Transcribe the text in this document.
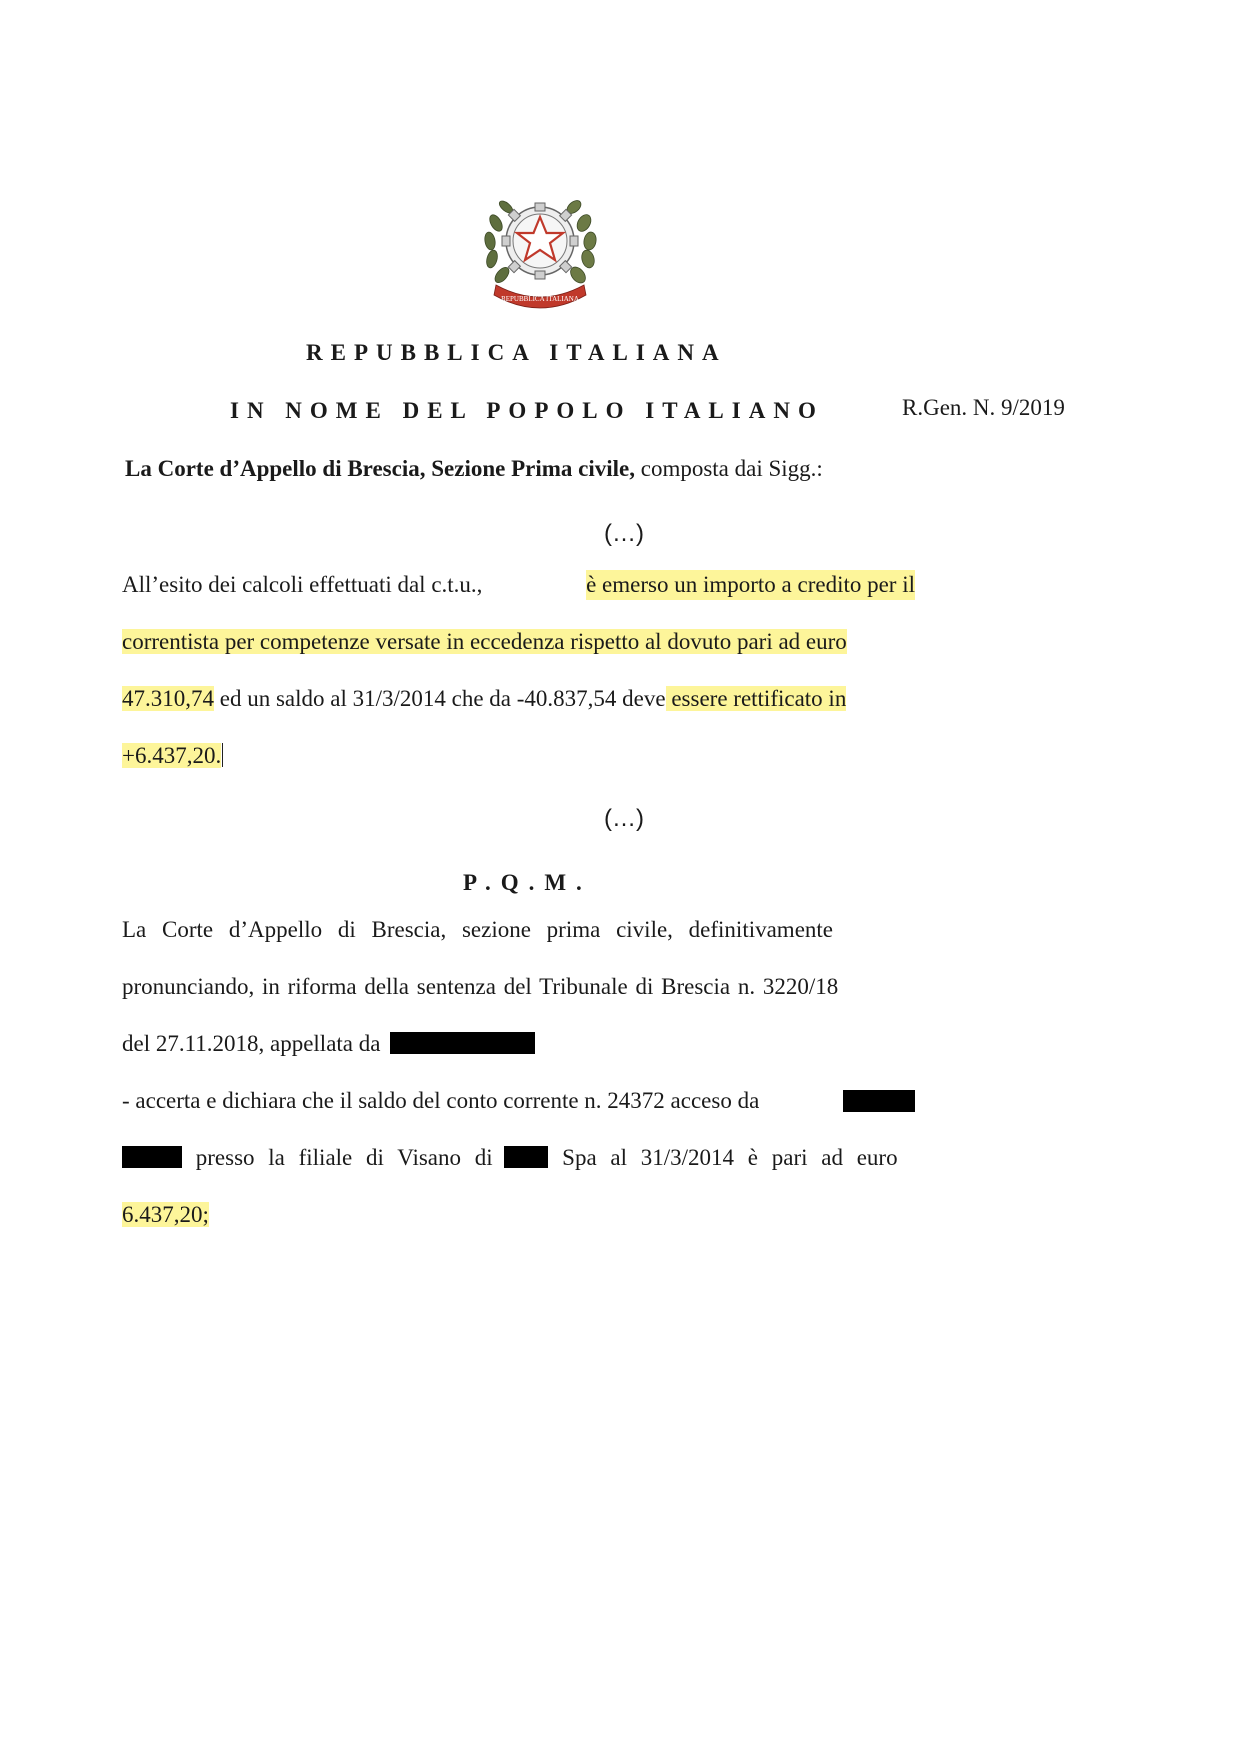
REPUBBLICA ITALIANA
REPUBBLICA ITALIANA
IN NOME DEL POPOLO ITALIANO	R.Gen. N. 9/2019
La Corte d’Appello di Brescia, Sezione Prima civile, composta dai Sigg.:
(…)
All’esito dei calcoli effettuati dal c.t.u.,	è emerso un importo a credito per il
correntista per competenze versate in eccedenza rispetto al dovuto pari ad euro
47.310,74 ed un saldo al 31/3/2014 che da -40.837,54 deve essere rettificato in
+6.437,20.
(…)
P.Q.M.
La Corte d’Appello di Brescia, sezione prima civile, definitivamente
pronunciando, in riforma della sentenza del Tribunale di Brescia n. 3220/18
del 27.11.2018, appellata da
- accerta e dichiara che il saldo del conto corrente n. 24372 acceso da
presso la filiale di Visano di	Spa al 31/3/2014 è pari ad euro
6.437,20;
